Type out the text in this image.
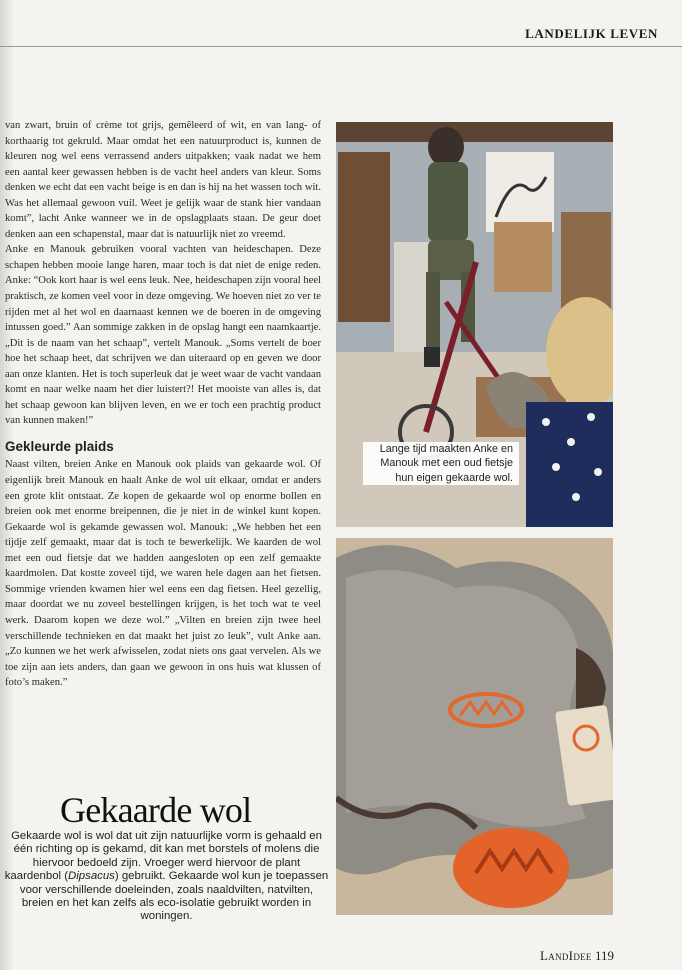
LANDELIJK LEVEN

van zwart, bruin of crème tot grijs, gemêleerd of wit, en van lang- of korthaarig tot gekruld. Maar omdat het een natuurproduct is, kunnen de kleuren nog wel eens verrassend anders uitpakken; vaak nadat we hem een aantal keer gewassen hebben is de vacht heel anders van kleur. Soms denken we echt dat een vacht beige is en dan is hij na het wassen toch wit. Was het allemaal gewoon vuil. Weet je gelijk waar de stank hier vandaan komt”, lacht Anke wanneer we in de opslagplaats staan. De geur doet denken aan een schapenstal, maar dat is natuurlijk niet zo vreemd.

Anke en Manouk gebruiken vooral vachten van heideschapen. Deze schapen hebben mooie lange haren, maar toch is dat niet de enige reden. Anke: “Ook kort haar is wel eens leuk. Nee, heideschapen zijn vooral heel praktisch, ze komen veel voor in deze omgeving. We hoeven niet zo ver te rijden met al het wol en daarnaast kennen we de boeren in de omgeving intussen goed.” Aan sommige zakken in de opslag hangt een naamkaartje. „Dit is de naam van het schaap”, vertelt Manouk. „Soms vertelt de boer hoe het schaap heet, dat schrijven we dan uiteraard op en geven we door aan onze klanten. Het is toch superleuk dat je weet waar de vacht vandaan komt en naar welke naam het dier luistert?! Het mooiste van alles is, dat het schaap gewoon kan blijven leven, en we er toch een prachtig product van kunnen maken!”

Gekleurde plaids

Naast vilten, breien Anke en Manouk ook plaids van gekaarde wol. Of eigenlijk breit Manouk en haalt Anke de wol uit elkaar, omdat er anders een grote klit ontstaat. Ze kopen de gekaarde wol op enorme bollen en breien ook met enorme breipennen, die je niet in de winkel kunt kopen. Gekaarde wol is gekamde gewassen wol. Manouk: „We hebben het een tijdje zelf gemaakt, maar dat is toch te bewerkelijk. We kaarden de wol met een oud fietsje dat we hadden aangesloten op een zelf gemaakte kaardmolen. Dat kostte zoveel tijd, we waren hele dagen aan het fietsen. Sommige vrienden kwamen hier wel eens een dag fietsen. Heel gezellig, maar doordat we nu zoveel bestellingen krijgen, is het toch wat te veel werk. Daarom kopen we deze wol.” „Vilten en breien zijn twee heel verschillende technieken en dat maakt het juist zo leuk”, vult Anke aan. „Zo kunnen we het werk afwisselen, zodat niets ons gaat vervelen. Als we toe zijn aan iets anders, dan gaan we gewoon in ons huis wat klussen of foto’s maken.”

Gekaarde wol
Gekaarde wol is wol dat uit zijn natuurlijke vorm is gehaald en één richting op is gekamd, dit kan met borstels of molens die hiervoor bedoeld zijn. Vroeger werd hiervoor de plant kaardenbol (Dipsacus) gebruikt. Gekaarde wol kun je toepassen voor verschillende doeleinden, zoals naaldvilten, natvilten, breien en het kan zelfs als eco-isolatie gebruikt worden in woningen.
Lange tijd maakten Anke en Manouk met een oud fietsje hun eigen gekaarde wol.
LandIdee 119
